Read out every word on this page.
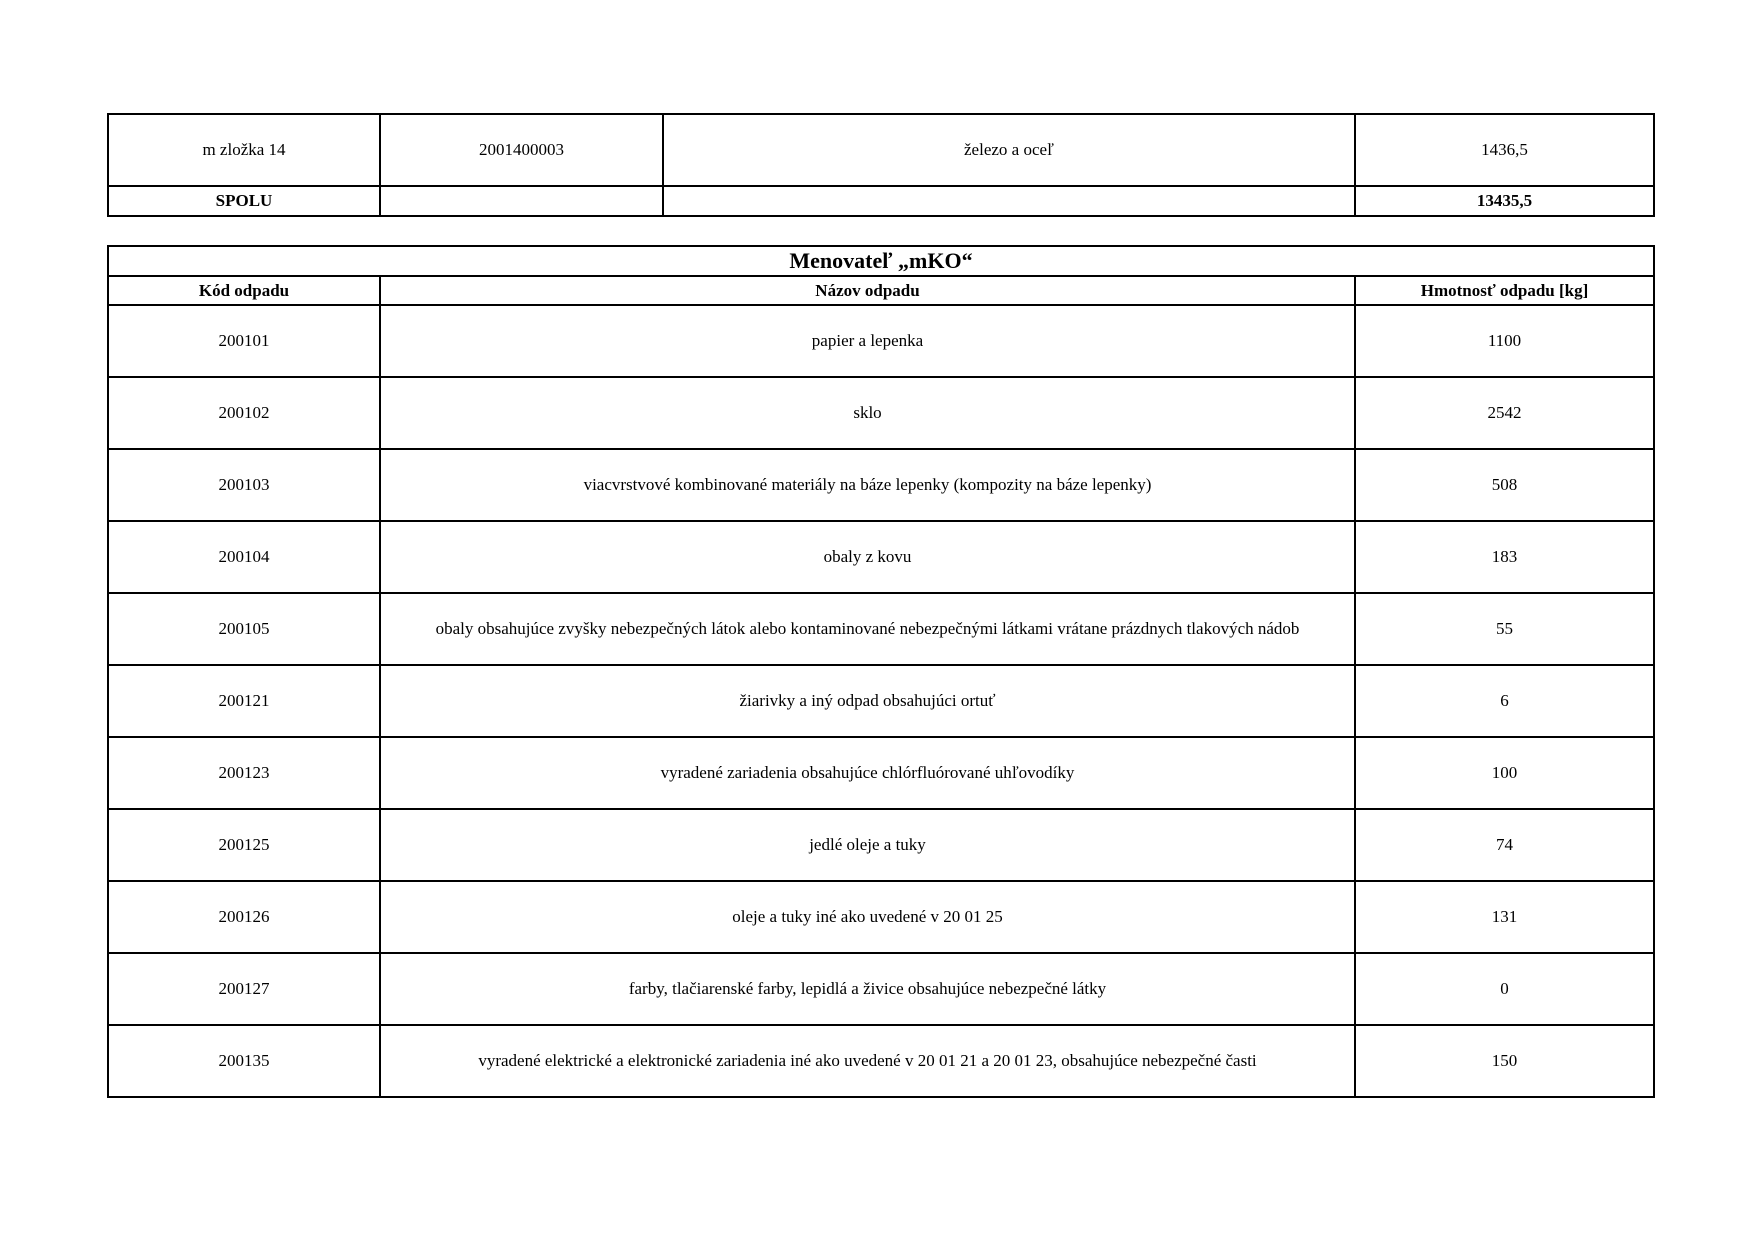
m zložka 14	2001400003	železo a oceľ	1436,5
SPOLU			13435,5
Menovateľ „mKO“		
Kód odpadu	Názov odpadu	Hmotnosť odpadu [kg]
200101	papier a lepenka	1100
200102	sklo	2542
200103	viacvrstvové kombinované materiály na báze lepenky (kompozity na báze lepenky)	508
200104	obaly z kovu	183
200105	obaly obsahujúce zvyšky nebezpečných látok alebo kontaminované nebezpečnými látkami vrátane prázdnych tlakových nádob	55
200121	žiarivky a iný odpad obsahujúci ortuť	6
200123	vyradené zariadenia obsahujúce chlórfluórované uhľovodíky	100
200125	jedlé oleje a tuky	74
200126	oleje a tuky iné ako uvedené v 20 01 25	131
200127	farby, tlačiarenské farby, lepidlá a živice obsahujúce nebezpečné látky	0
200135	vyradené elektrické a elektronické zariadenia iné ako uvedené v 20 01 21 a 20 01 23, obsahujúce nebezpečné časti	150
